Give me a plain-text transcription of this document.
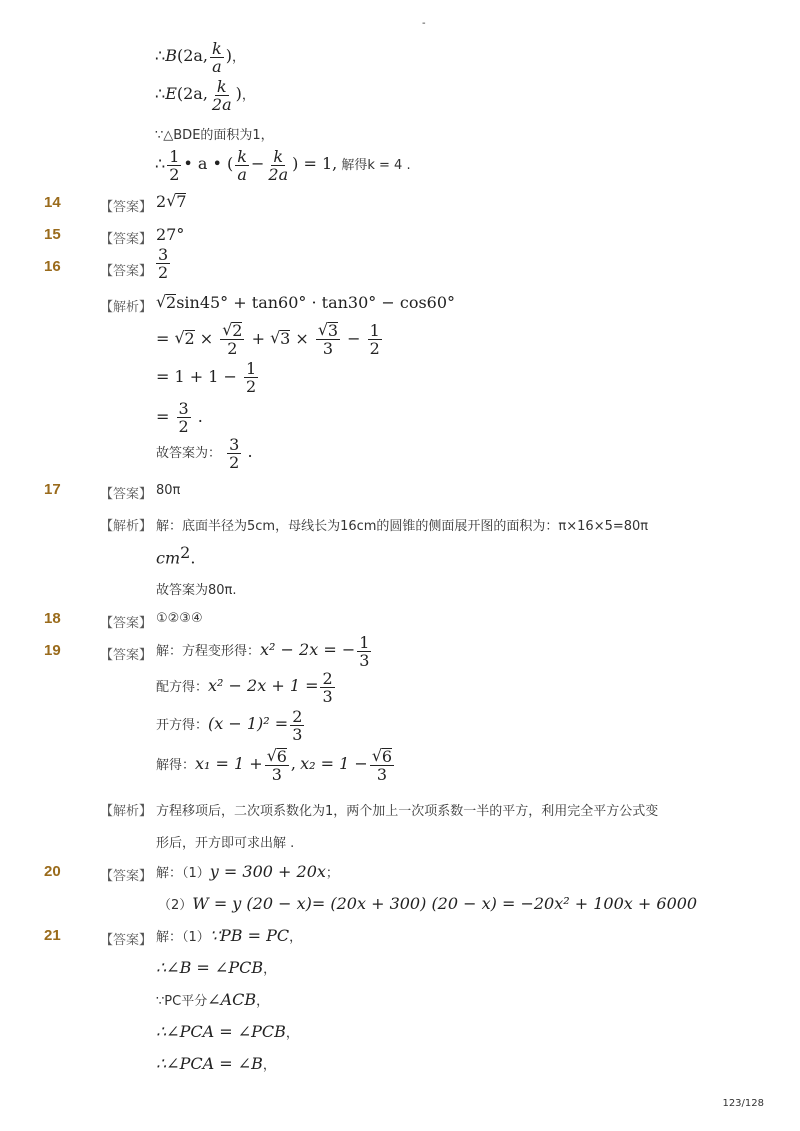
-
∴B(2a, $\frac{k}{a}$ )，
∴E(2a, $\frac{k}{2a}$ )，
∵△BDE的面积为1，
∴ $\frac{1}{2}$ • a • ( $\frac{k}{a} - \frac{k}{2a}$ ) = 1, 解得k = 4 .
14	【答案】 2 √ 7
15	【答案】 27°
16	【答案】 $\frac{3}{2}$
【解析】 √ 2sin45° + tan60° · tan30° − cos60°
= √ 2 × √ $\frac{2}{2}$ + √ 3 × √ $\frac{3}{3} - \frac{1}{2}$
= $1 + 1 - \frac{1}{2}$
= $\frac{3}{2}$ .
故答案为： $\frac{3}{2}$ .
17	【答案】 80π
【解析】 解：底面半径为5cm，母线长为16cm的圆锥的侧面展开图的面积为：π×16×5=80π
$cm^2$.
故答案为80π.
18	【答案】 ①②③④
19	【答案】 解：方程变形得：x² − 2x = − $\frac{1}{3}$
配方得：$x^2 - 2x + 1 = \frac{2}{3}$
开方得：$(x - 1)^2 = \frac{2}{3}$
解得：x₁ = 1 + √ $\frac{6}{3}$ , x₂ = 1 − √ $\frac{6}{3}$
【解析】 方程移项后，二次项系数化为1，两个加上一次项系数一半的平方，利用完全平方公式变
形后，开方即可求出解 .
20	【答案】 解：（1）y = 300 + 20x；
（2）W = y (20 − x)= (20x + 300) (20 − x) = −20x² + 100x + 6000
21	【答案】 解：（1）∵PB = PC，
∴∠B = ∠PCB，
∵PC平分∠ACB，
∴∠PCA = ∠PCB，
∴∠PCA = ∠B，
123/128
